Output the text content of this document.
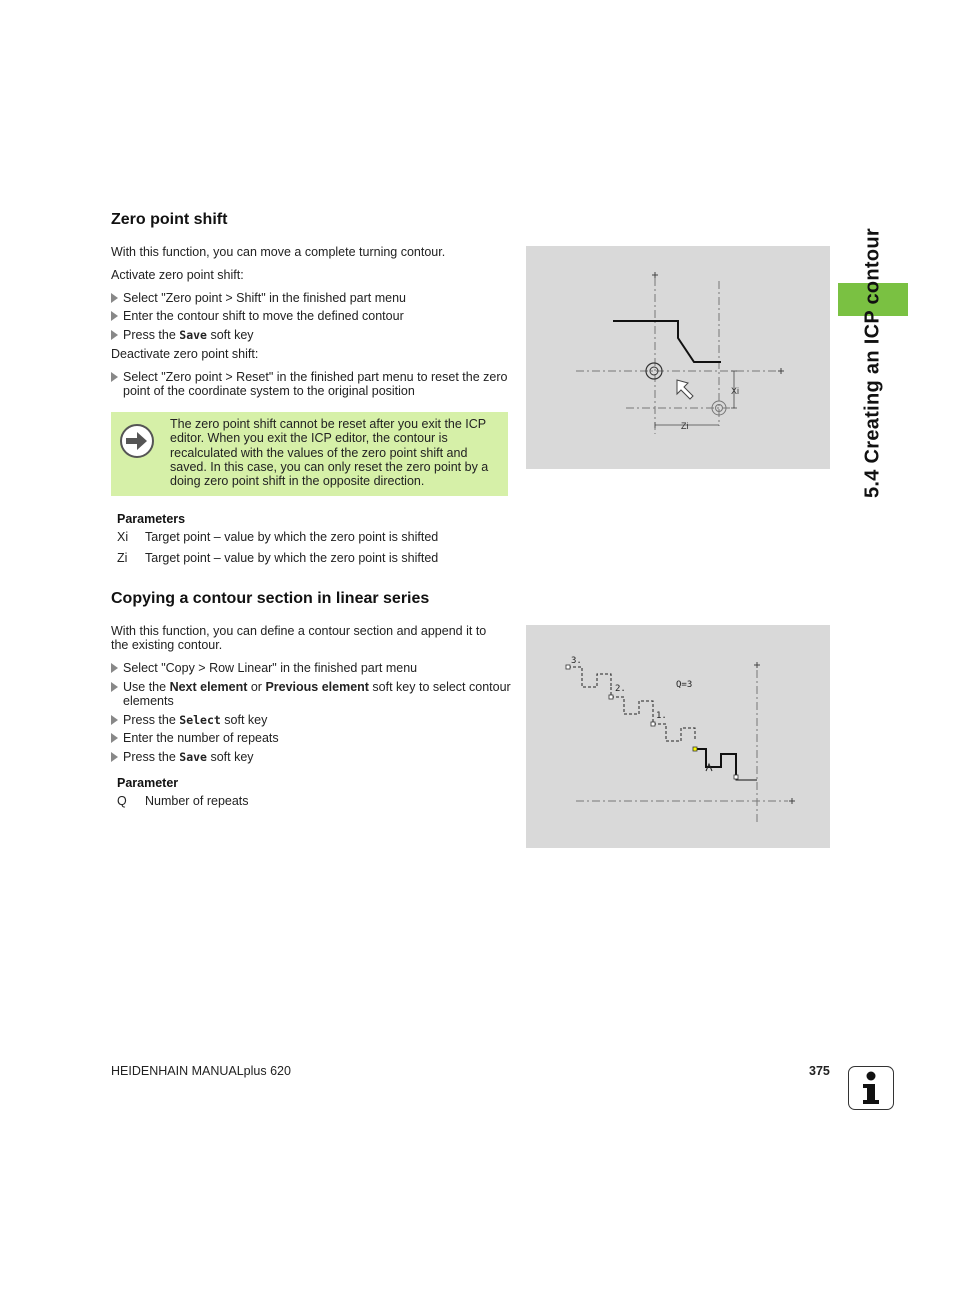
Zero point shift
With this function, you can move a complete turning contour.
Activate zero point shift:
Select "Zero point > Shift" in the finished part menu
Enter the contour shift to move the defined contour
Press the Save soft key
Deactivate zero point shift:
Select "Zero point > Reset" in the finished part menu to reset the zero point of the coordinate system to the original position
The zero point shift cannot be reset after you exit the ICP editor. When you exit the ICP editor, the contour is recalculated with the values of the zero point shift and saved. In this case, you can only reset the zero point by a doing zero point shift in the opposite direction.
Parameters
Xi Target point – value by which the zero point is shifted
Zi Target point – value by which the zero point is shifted
Xi
Zi
Copying a contour section in linear series
With this function, you can define a contour section and append it to the existing contour.
Select "Copy > Row Linear" in the finished part menu
Use the Next element or Previous element soft key to select contour elements
Press the Select soft key
Enter the number of repeats
Press the Save soft key
Parameter
Q Number of repeats
3.
2.
1.
Q=3
5.4 Creating an ICP contour
HEIDENHAIN MANUALplus 620	375
